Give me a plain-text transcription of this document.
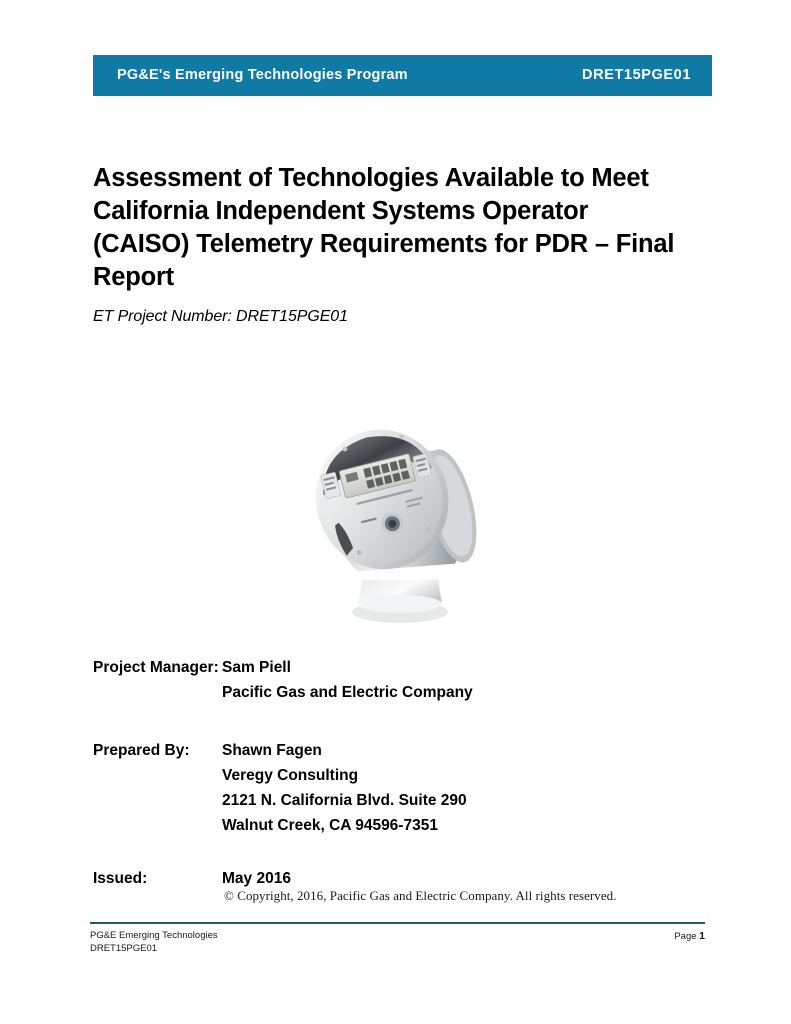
PG&E's Emerging Technologies Program	DRET15PGE01
Assessment of Technologies Available to Meet
California Independent Systems Operator
(CAISO) Telemetry Requirements for PDR – Final
Report
ET Project Number: DRET15PGE01
Project Manager: Sam Piell
Pacific Gas and Electric Company
Prepared By:	Shawn Fagen
Veregy Consulting
2121 N. California Blvd. Suite 290
Walnut Creek, CA 94596-7351
Issued:	May 2016
© Copyright, 2016, Pacific Gas and Electric Company. All rights reserved.
PG&E Emerging Technologies
DRET15PGE01
Page 1
